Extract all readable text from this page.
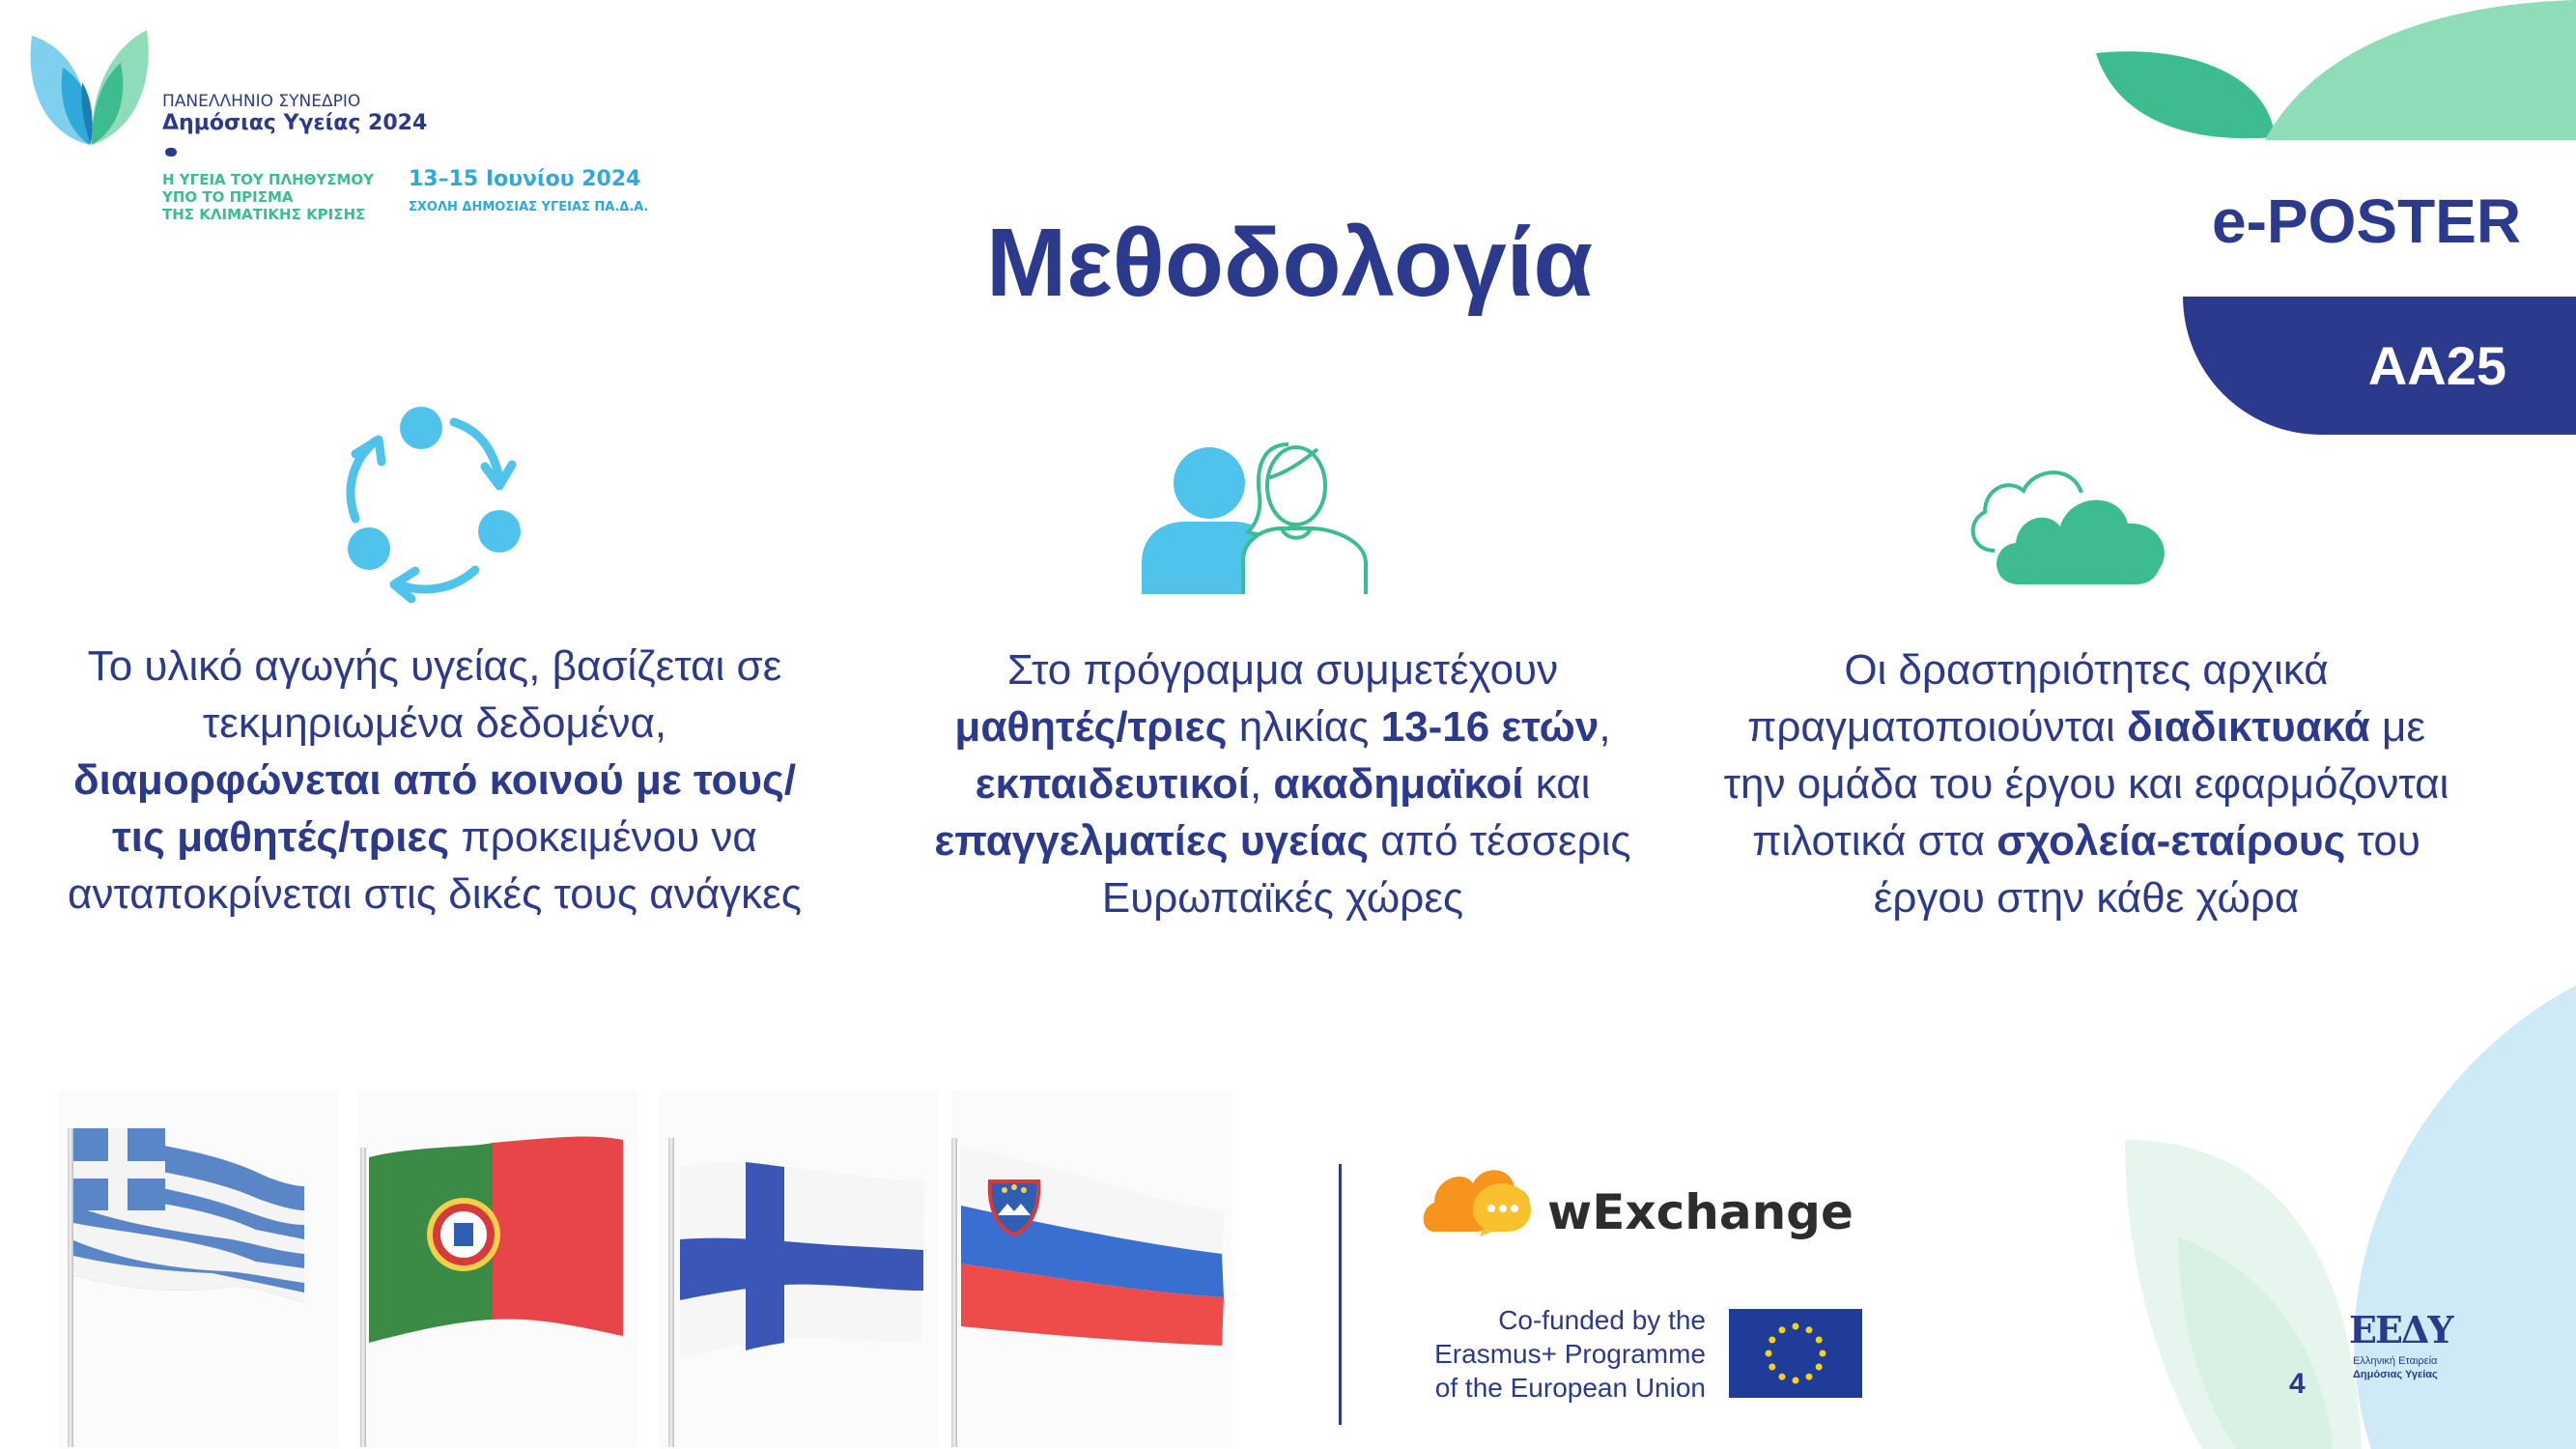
ΠΑΝΕΛΛΗΝΙΟ ΣΥΝΕΔΡΙΟ
Δημόσιας Υγείας 2024
Η ΥΓΕΙΑ ΤΟΥ ΠΛΗΘΥΣΜΟΥ
ΥΠΟ ΤΟ ΠΡΙΣΜΑ
ΤΗΣ ΚΛΙΜΑΤΙΚΗΣ ΚΡΙΣΗΣ
13–15 Ιουνίου 2024
ΣΧΟΛΗ ΔΗΜΟΣΙΑΣ ΥΓΕΙΑΣ ΠΑ.Δ.Α.
Μεθοδολογία	e-POSTER
ΑΑ25
Το υλικό αγωγής υγείας, βασίζεται σε τεκμηριωμένα δεδομένα, διαμορφώνεται από κοινού με τους/τις μαθητές/τριες προκειμένου να ανταποκρίνεται στις δικές τους ανάγκες
Στο πρόγραμμα συμμετέχουν μαθητές/τριες ηλικίας 13-16 ετών, εκπαιδευτικοί, ακαδημαϊκοί και επαγγελματίες υγείας από τέσσερις Ευρωπαϊκές χώρες
Οι δραστηριότητες αρχικά πραγματοποιούνται διαδικτυακά με την ομάδα του έργου και εφαρμόζονται πιλοτικά στα σχολεία-εταίρους του έργου στην κάθε χώρα
wExchange
Co-funded by the
Erasmus+ Programme
of the European Union
ΕΕΔΥ
Ελληνική Εταιρεία
Δημόσιας Υγείας
4
